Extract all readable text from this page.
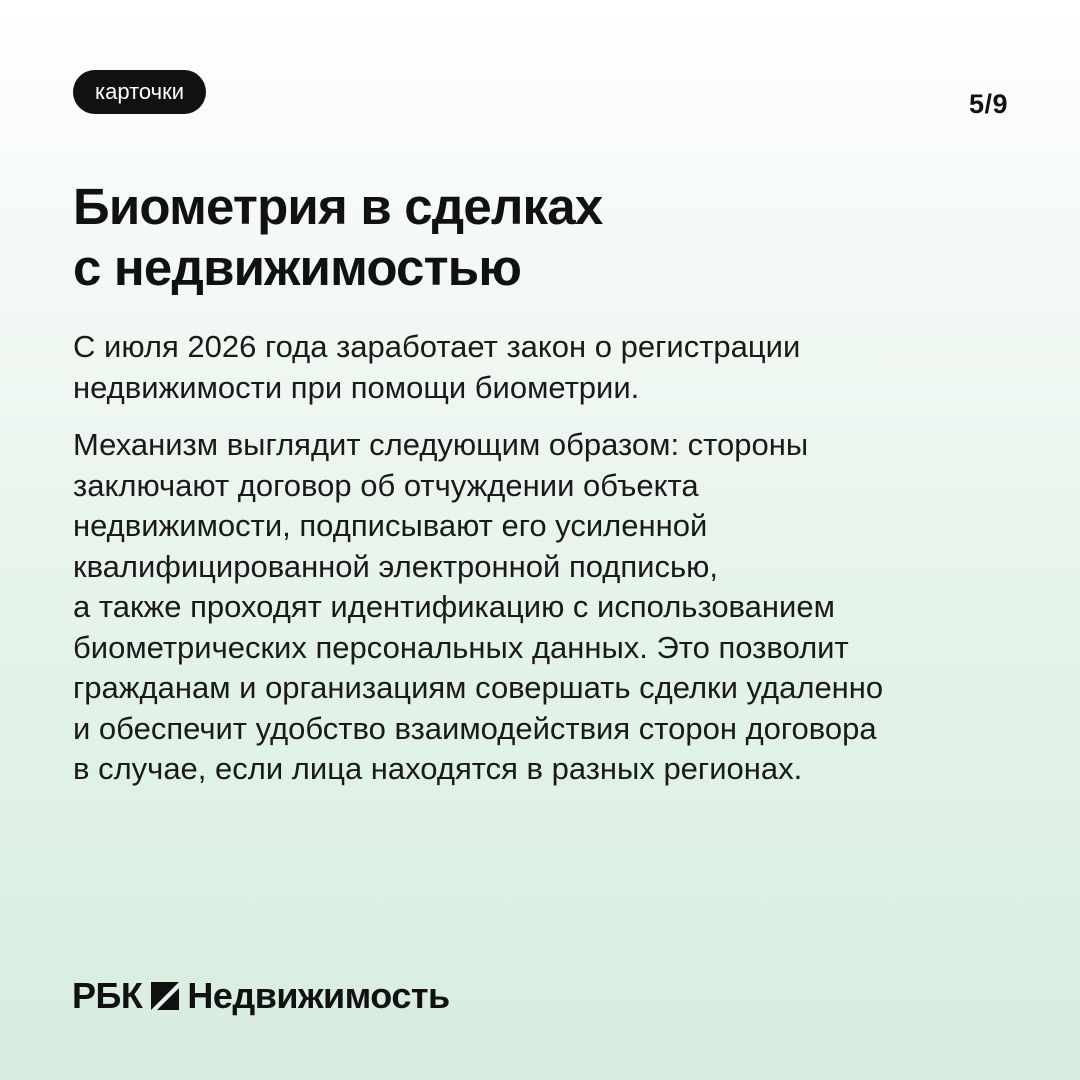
карточки	5/9
Биометрия в сделках
с недвижимостью

С июля 2026 года заработает закон о регистрации
недвижимости при помощи биометрии.

Механизм выглядит следующим образом: стороны
заключают договор об отчуждении объекта
недвижимости, подписывают его усиленной
квалифицированной электронной подписью,
а также проходят идентификацию с использованием
биометрических персональных данных. Это позволит
гражданам и организациям совершать сделки удаленно
и обеспечит удобство взаимодействия сторон договора
в случае, если лица находятся в разных регионах.

РБК Недвижимость
